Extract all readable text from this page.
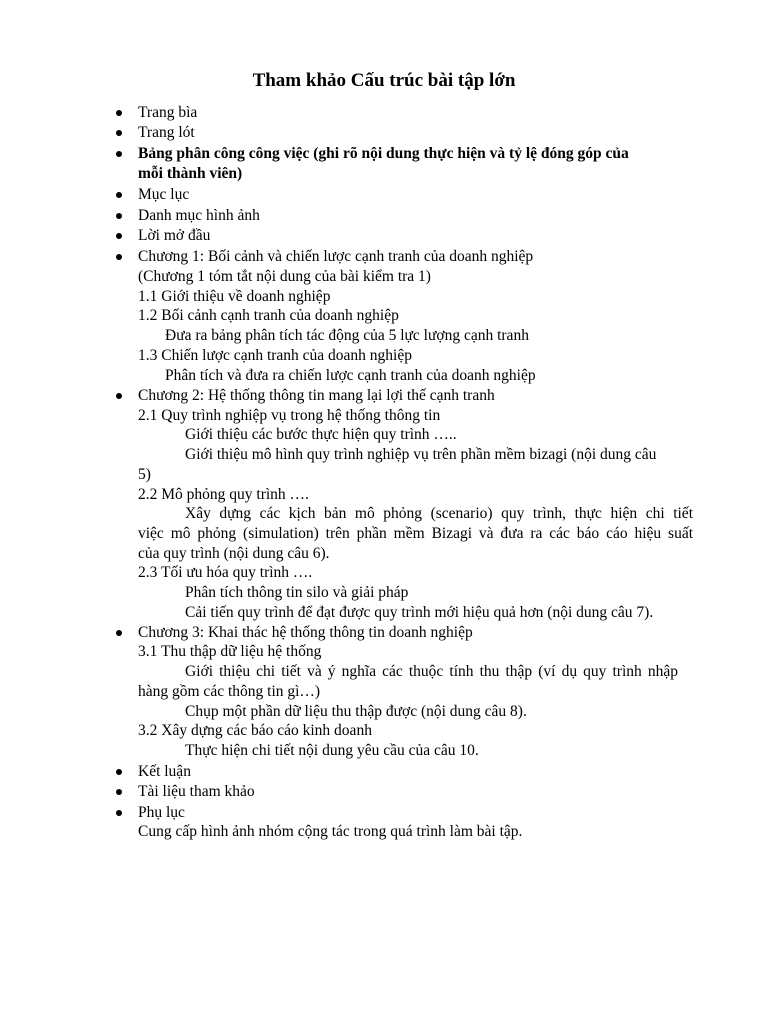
Tham khảo Cấu trúc bài tập lớn
Trang bìa
Trang lót
Bảng phân công công việc (ghi rõ nội dung thực hiện và tỷ lệ đóng góp của
mỗi thành viên)
Mục lục
Danh mục hình ảnh
Lời mở đầu
Chương 1: Bối cảnh và chiến lược cạnh tranh của doanh nghiệp
(Chương 1 tóm tắt nội dung của bài kiểm tra 1)
1.1 Giới thiệu về doanh nghiệp
1.2 Bối cảnh cạnh tranh của doanh nghiệp
Đưa ra bảng phân tích tác động của 5 lực lượng cạnh tranh
1.3 Chiến lược cạnh tranh của doanh nghiệp
Phân tích và đưa ra chiến lược cạnh tranh của doanh nghiệp
Chương 2: Hệ thống thông tin mang lại lợi thế cạnh tranh
2.1 Quy trình nghiệp vụ trong hệ thống thông tin
Giới thiệu các bước thực hiện quy trình …..
Giới thiệu mô hình quy trình nghiệp vụ trên phần mềm bizagi (nội dung câu
5)
2.2 Mô phỏng quy trình ….
Xây dựng các kịch bản mô phỏng (scenario) quy trình, thực hiện chi tiết
việc mô phỏng (simulation) trên phần mềm Bizagi và đưa ra các báo cáo hiệu suất
của quy trình (nội dung câu 6).
2.3 Tối ưu hóa quy trình ….
Phân tích thông tin silo và giải pháp
Cải tiến quy trình để đạt được quy trình mới hiệu quả hơn (nội dung câu 7).
Chương 3: Khai thác hệ thống thông tin doanh nghiệp
3.1 Thu thập dữ liệu hệ thống
Giới thiệu chi tiết và ý nghĩa các thuộc tính thu thập (ví dụ quy trình nhập
hàng gồm các thông tin gì…)
Chụp một phần dữ liệu thu thập được (nội dung câu 8).
3.2 Xây dựng các báo cáo kinh doanh
Thực hiện chi tiết nội dung yêu cầu của câu 10.
Kết luận
Tài liệu tham khảo
Phụ lục
Cung cấp hình ảnh nhóm cộng tác trong quá trình làm bài tập.
